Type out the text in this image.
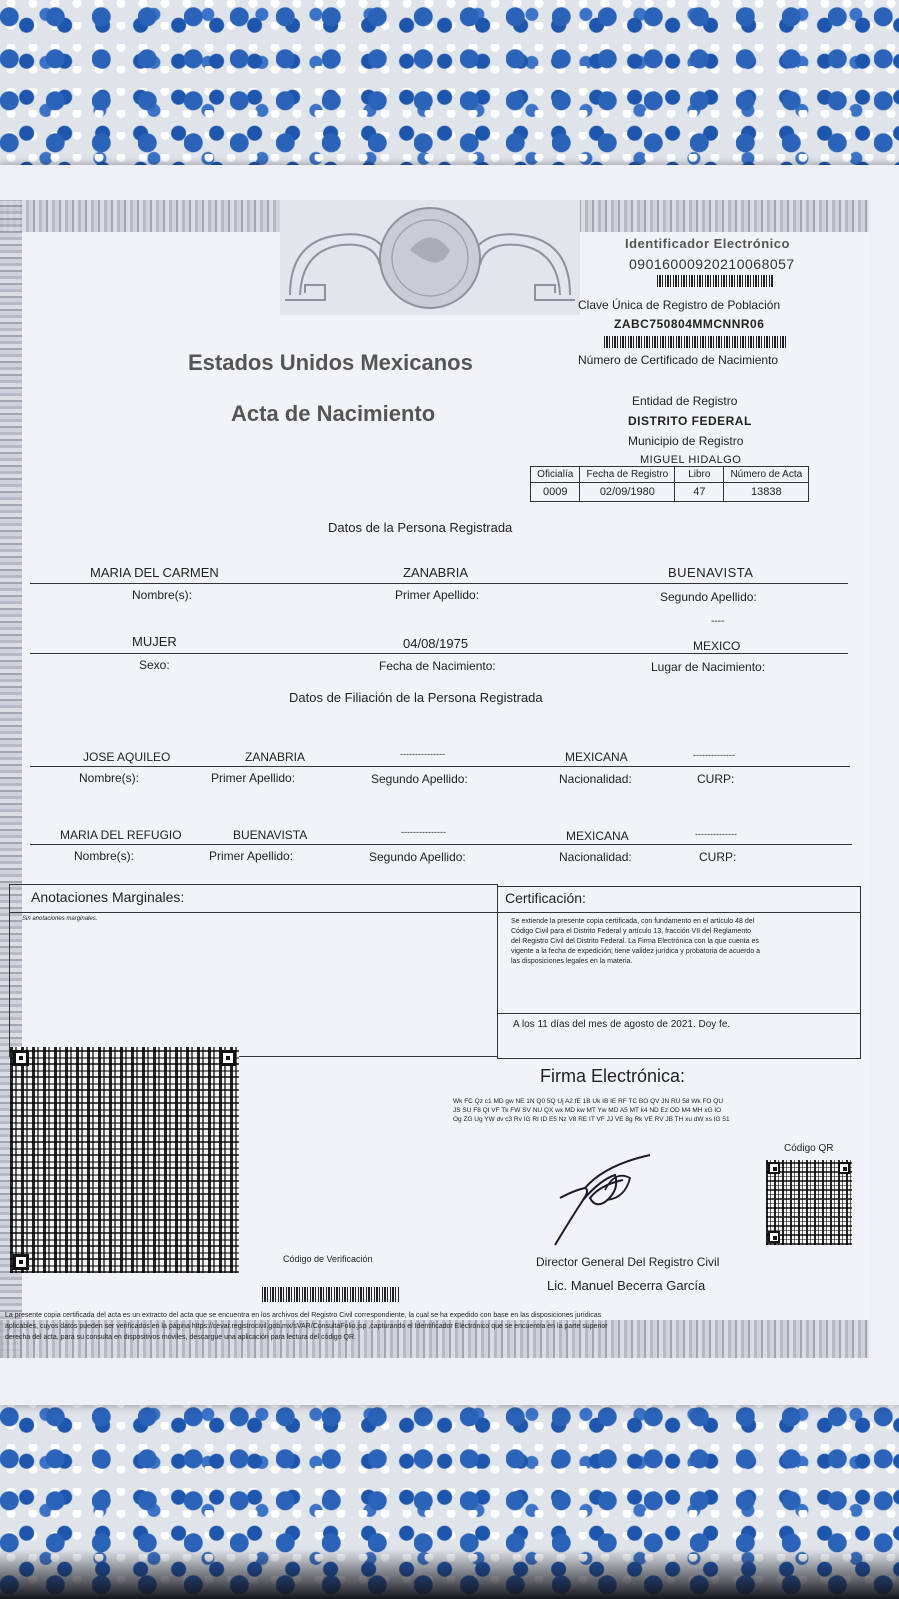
Identificador Electrónico
09016000920210068057
Clave Única de Registro de Población
ZABC750804MMCNNR06
Número de Certificado de Nacimiento
Estados Unidos Mexicanos
Acta de Nacimiento	Entidad de Registro
DISTRITO FEDERAL
Municipio de Registro
MIGUEL HIDALGO
Oficialía	Fecha de Registro	Libro	Número de Acta
0009	02/09/1980	47	13838
Datos de la Persona Registrada
MARIA DEL CARMEN	ZANABRIA	BUENAVISTA
Nombre(s):	Primer Apellido:	Segundo Apellido:
----
MUJER	04/08/1975	MEXICO
Sexo:	Fecha de Nacimiento:	Lugar de Nacimiento:
Datos de Filiación de la Persona Registrada
JOSE AQUILEO	ZANABRIA	---------------	MEXICANA	--------------
Nombre(s):	Primer Apellido:	Segundo Apellido:	Nacionalidad:	CURP:
MARIA DEL REFUGIO	BUENAVISTA	---------------	MEXICANA	--------------
Nombre(s):	Primer Apellido:	Segundo Apellido:	Nacionalidad:	CURP:
Anotaciones Marginales:
Sin anotaciones marginales.
Certificación:
Se extiende la presente copia certificada, con fundamento en el artículo 48 del
Código Civil para el Distrito Federal y artículo 13, fracción VII del Reglamento
del Registro Civil del Distrito Federal. La Firma Electrónica con la que cuenta es
vigente a la fecha de expedición; tiene validez jurídica y probatoria de acuerdo a
las disposiciones legales en la materia.
A los 11 días del mes de agosto de 2021. Doy fe.
Firma Electrónica:
Wk FC Qz c1 MD gw NE 1N Q0 5Q Uj A2 fE 1B Uk IB IE RF TC BO QV JN RU 58 Wk FO QU
JS SU F8 QI VF Tk FW SV NU QX wx MD kw MT Yw MD A5 MT k4 ND Ez OD M4 MH xG IO
Og ZG Ug YW dv c3 Rv IG RI ID E5 Nz V8 RE IT VF JJ VE 8g Rk VE RV JB TH xu dW xs IG 51
Código QR
Código de Verificación	Director General Del Registro Civil
Lic. Manuel Becerra García
La presente copia certificada del acta es un extracto del acta que se encuentra en los archivos del Registro Civil correspondiente, la cual se ha expedido con base en las disposiciones jurídicas
aplicables, cuyos datos pueden ser verificados en la página https://cevar.registrocivil.gob.mx/sVAR/ConsultaFolio.jsp ,capturando el Identificador Electrónico que se encuentra en la parte superior
derecha del acta, para su consulta en dispositivos móviles, descargue una aplicación para lectura del código QR.
